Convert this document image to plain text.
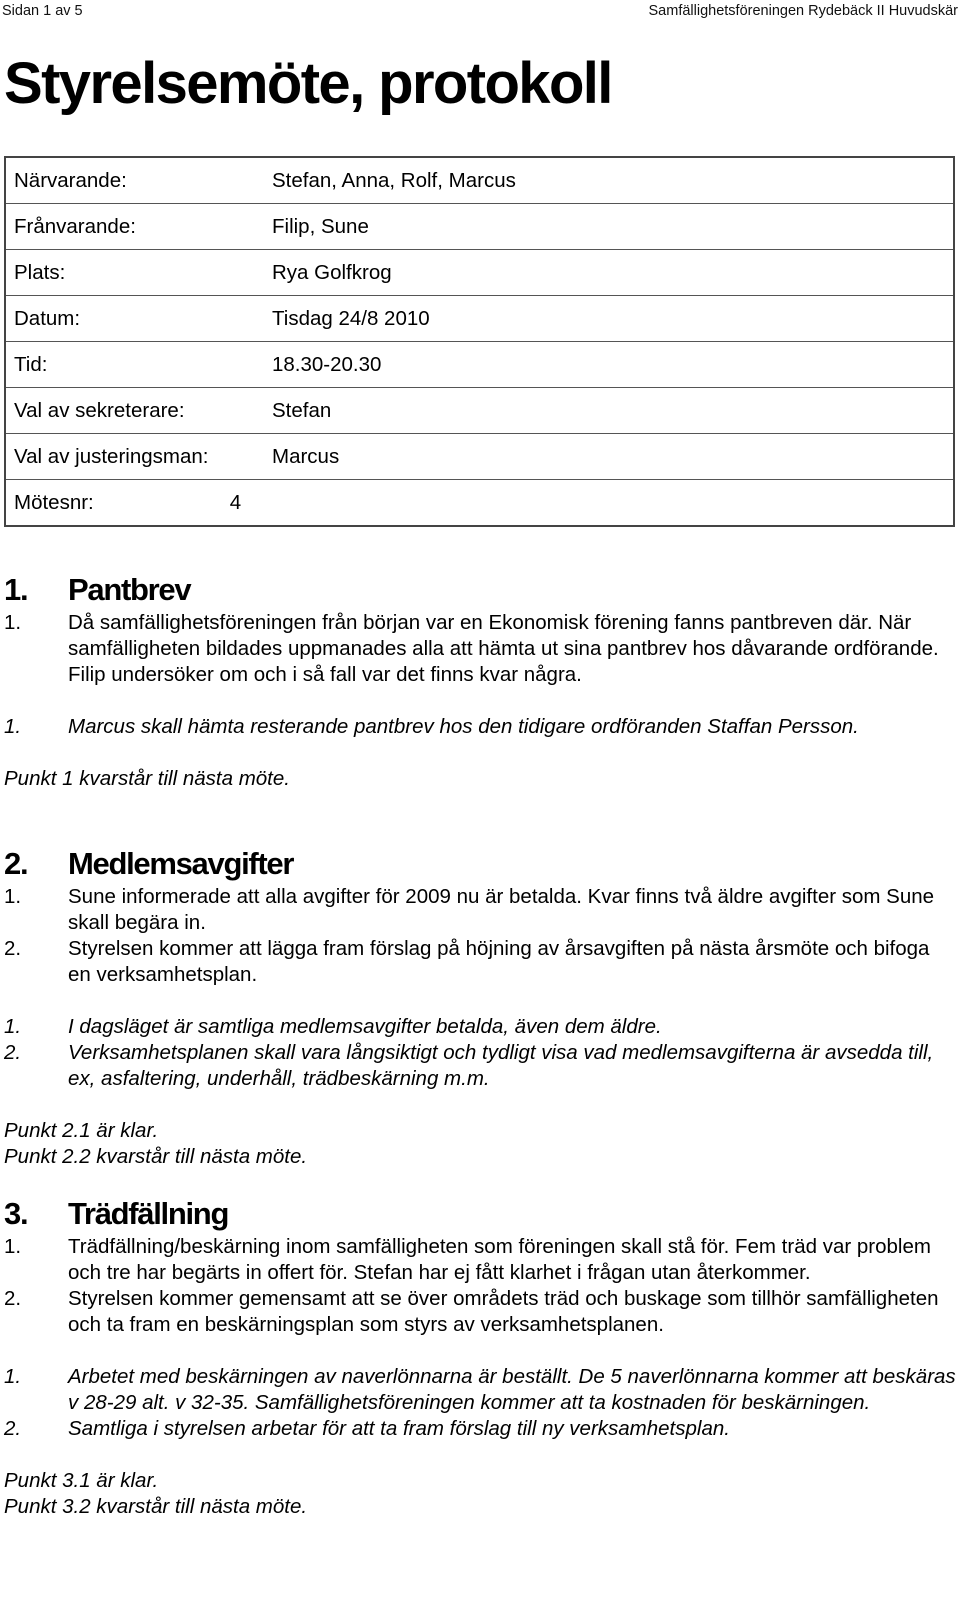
Sidan 1 av 5	Samfällighetsföreningen Rydebäck II Huvudskär
Styrelsemöte, protokoll
Närvarande:	Stefan, Anna, Rolf, Marcus
Frånvarande:	Filip, Sune
Plats:	Rya Golfkrog
Datum:	Tisdag 24/8 2010
Tid:	18.30-20.30
Val av sekreterare:	Stefan
Val av justeringsman:	Marcus
Mötesnr: 4	
1.	Pantbrev
1.	Då samfällighetsföreningen från början var en Ekonomisk förening fanns pantbreven där. När samfälligheten bildades uppmanades alla att hämta ut sina pantbrev hos dåvarande ordförande. Filip undersöker om och i så fall var det finns kvar några.
1.	Marcus skall hämta resterande pantbrev hos den tidigare ordföranden Staffan Persson.

Punkt 1 kvarstår till nästa möte.

2.	Medlemsavgifter
1.	Sune informerade att alla avgifter för 2009 nu är betalda. Kvar finns två äldre avgifter som Sune skall begära in.
2.	Styrelsen kommer att lägga fram förslag på höjning av årsavgiften på nästa årsmöte och bifoga en verksamhetsplan.
1.	I dagsläget är samtliga medlemsavgifter betalda, även dem äldre.
2.	Verksamhetsplanen skall vara långsiktigt och tydligt visa vad medlemsavgifterna är avsedda till, ex, asfaltering, underhåll, trädbeskärning m.m.

Punkt 2.1 är klar.

Punkt 2.2 kvarstår till nästa möte.

3.	Trädfällning
1.	Trädfällning/beskärning inom samfälligheten som föreningen skall stå för. Fem träd var problem och tre har begärts in offert för. Stefan har ej fått klarhet i frågan utan återkommer.
2.	Styrelsen kommer gemensamt att se över områdets träd och buskage som tillhör samfälligheten och ta fram en beskärningsplan som styrs av verksamhetsplanen.
1.	Arbetet med beskärningen av naverlönnarna är beställt. De 5 naverlönnarna kommer att beskäras v 28-29 alt. v 32-35. Samfällighetsföreningen kommer att ta kostnaden för beskärningen.
2.	Samtliga i styrelsen arbetar för att ta fram förslag till ny verksamhetsplan.

Punkt 3.1 är klar.

Punkt 3.2 kvarstår till nästa möte.
